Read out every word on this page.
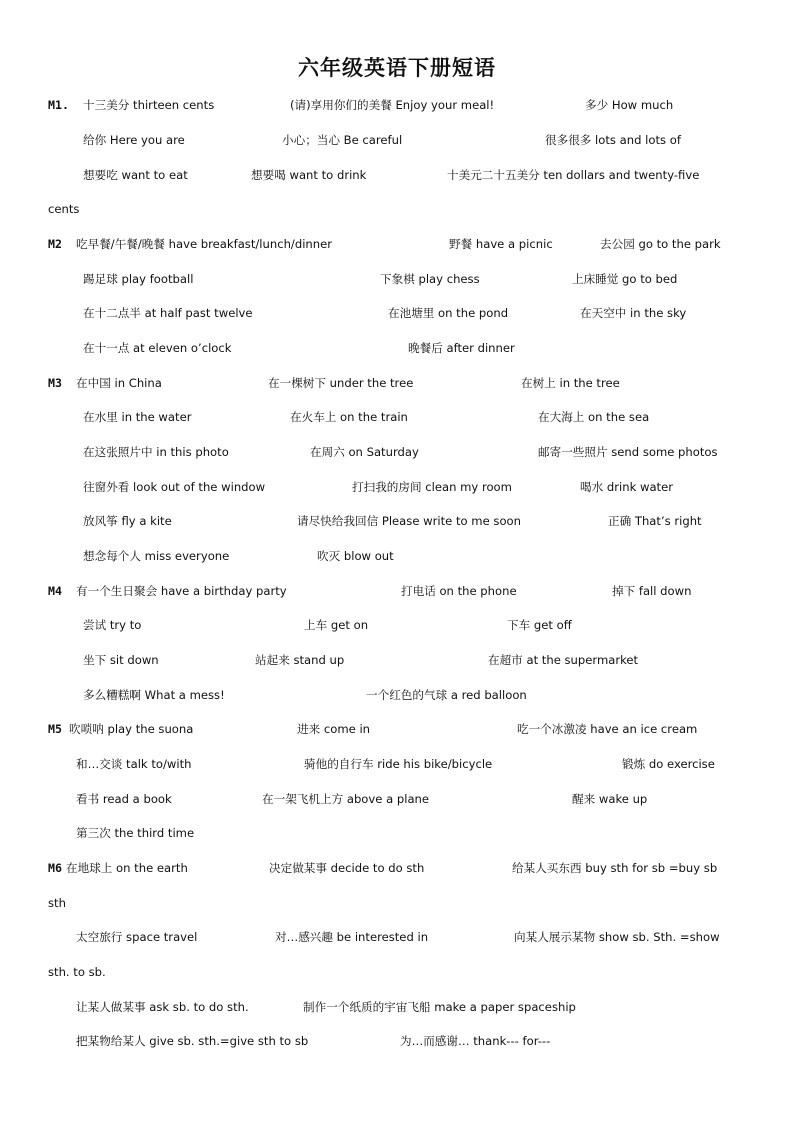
六年级英语下册短语
M1. 十三美分 thirteen cents	(请)享用你们的美餐 Enjoy your meal!	多少 How much
给你 Here you are	小心；当心 Be careful	很多很多 lots and lots of
想要吃 want to eat	想要喝 want to drink	十美元二十五美分 ten dollars and twenty-five
cents
M2 吃早餐/午餐/晚餐 have breakfast/lunch/dinner	野餐 have a picnic	去公园 go to the park
踢足球 play football	下象棋 play chess	上床睡觉 go to bed
在十二点半 at half past twelve	在池塘里 on the pond	在天空中 in the sky
在十一点 at eleven o’clock	晚餐后 after dinner
M3 在中国 in China	在一棵树下 under the tree	在树上 in the tree
在水里 in the water	在火车上 on the train	在大海上 on the sea
在这张照片中 in this photo	在周六 on Saturday	邮寄一些照片 send some photos
往窗外看 look out of the window	打扫我的房间 clean my room	喝水 drink water
放风筝 fly a kite	请尽快给我回信 Please write to me soon	正确 That’s right
想念每个人 miss everyone	吹灭 blow out
M4 有一个生日聚会 have a birthday party	打电话 on the phone	掉下 fall down
尝试 try to	上车 get on	下车 get off
坐下 sit down	站起来 stand up	在超市 at the supermarket
多么糟糕啊 What a mess!	一个红色的气球 a red balloon
M5 吹唢呐 play the suona	进来 come in	吃一个冰激凌 have an ice cream
和…交谈 talk to/with	骑他的自行车 ride his bike/bicycle	锻炼 do exercise
看书 read a book	在一架飞机上方 above a plane	醒来 wake up
第三次 the third time
M6 在地球上 on the earth	决定做某事 decide to do sth	给某人买东西 buy sth for sb =buy sb
sth
太空旅行 space travel	对…感兴趣 be interested in	向某人展示某物 show sb. Sth. =show
sth. to sb.
让某人做某事 ask sb. to do sth.	制作一个纸质的宇宙飞船 make a paper spaceship
把某物给某人 give sb. sth.=give sth to sb	为…而感谢… thank--- for---
